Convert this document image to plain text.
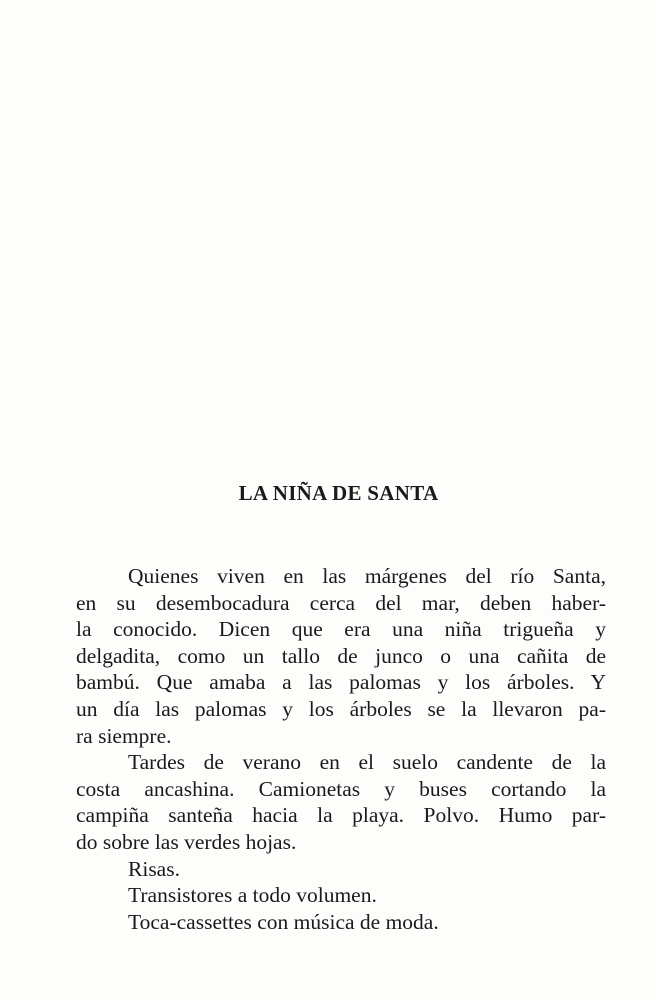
LA NIÑA DE SANTA
Quienes viven en las márgenes del río Santa,
en su desembocadura cerca del mar, deben haber-
la conocido. Dicen que era una niña trigueña y
delgadita, como un tallo de junco o una cañita de
bambú. Que amaba a las palomas y los árboles. Y
un día las palomas y los árboles se la llevaron pa-
ra siempre.
Tardes de verano en el suelo candente de la
costa ancashina. Camionetas y buses cortando la
campiña santeña hacia la playa. Polvo. Humo par-
do sobre las verdes hojas.
Risas.
Transistores a todo volumen.
Toca-cassettes con música de moda.
